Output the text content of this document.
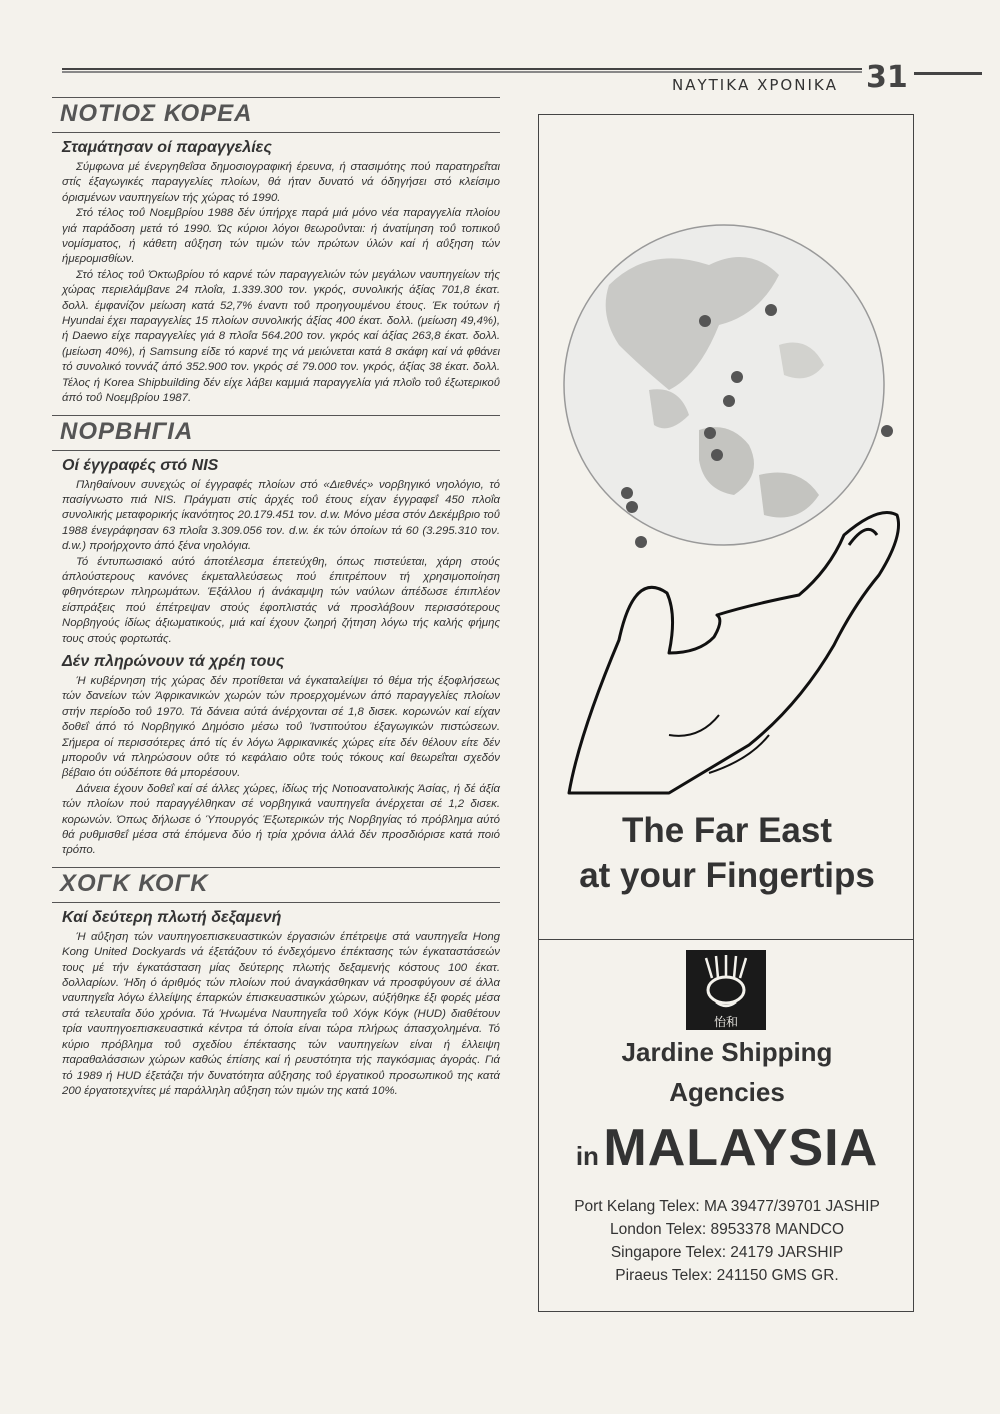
ΝΑΥΤΙΚΑ ΧΡΟΝΙΚΑ 31
ΝΟΤΙΟΣ ΚΟΡΕΑ
Σταμάτησαν οί παραγγελίες

Σύμφωνα μέ ένεργηθεΐσα δημοσιογραφική έρευνα, ή στασιμότης πού παρατηρεΐται στίς έξαγωγικές παραγγελίες πλοίων, θά ήταν δυνατό νά όδηγήσει στό κλείσιμο όρισμένων ναυπηγείων τής χώρας τό 1990.

Στό τέλος τοΰ Νοεμβρίου 1988 δέν ύπήρχε παρά μιά μόνο νέα παραγγελία πλοίου γιά παράδοση μετά τό 1990. Ώς κύριοι λόγοι θεωροΰνται: ή άνατίμηση τοΰ τοπικοΰ νομίσματος, ή κάθετη αΰξηση τών τιμών τών πρώτων ύλών καί ή αΰξηση τών ήμερομισθίων.

Στό τέλος τοΰ Όκτωβρίου τό καρνέ τών παραγγελιών τών μεγάλων ναυπηγείων τής χώρας περιελάμβανε 24 πλοΐα, 1.339.300 τον. γκρός, συνολικής άξίας 701,8 έκατ. δολλ. έμφανίζον μείωση κατά 52,7% έναντι τοΰ προηγουμένου έτους. Έκ τούτων ή Hyundai έχει παραγγελίες 15 πλοίων συνολικής άξίας 400 έκατ. δολλ. (μείωση 49,4%), ή Daewo είχε παραγγελίες γιά 8 πλοΐα 564.200 τον. γκρός καί άξίας 263,8 έκατ. δολλ. (μείωση 40%), ή Samsung είδε τό καρνέ της νά μειώνεται κατά 8 σκάφη καί νά φθάνει τό συνολικό τοννάζ άπό 352.900 τον. γκρός σέ 79.000 τον. γκρός, άξίας 38 έκατ. δολλ. Τέλος ή Korea Shipbuilding δέν είχε λάβει καμμιά παραγγελία γιά πλοΐο τοΰ έξωτερικοΰ άπό τοΰ Νοεμβρίου 1987.

ΝΟΡΒΗΓΙΑ
Οί έγγραφές στό NIS

Πληθαίνουν συνεχώς οί έγγραφές πλοίων στό «Διεθνές» νορβηγικό νηολόγιο, τό πασίγνωστο πιά NIS. Πράγματι στίς άρχές τοΰ έτους είχαν έγγραφεΐ 450 πλοΐα συνολικής μεταφορικής ίκανότητος 20.179.451 τον. d.w. Μόνο μέσα στόν Δεκέμβριο τοΰ 1988 ένεγράφησαν 63 πλοΐα 3.309.056 τον. d.w. έκ τών όποίων τά 60 (3.295.310 τον. d.w.) προήρχοντο άπό ξένα νηολόγια.

Τό έντυπωσιακό αύτό άποτέλεσμα έπετεύχθη, όπως πιστεύεται, χάρη στούς άπλούστερους κανόνες έκμεταλλεύσεως πού έπιτρέπουν τή χρησιμοποίηση φθηνότερων πληρωμάτων. Έξάλλου ή άνάκαμψη τών ναύλων άπέδωσε έπιπλέον είσπράξεις πού έπέτρεψαν στούς έφοπλιστάς νά προσλάβουν περισσότερους Νορβηγούς ίδίως άξιωματικούς, μιά καί έχουν ζωηρή ζήτηση λόγω τής καλής φήμης τους στούς φορτωτάς.

Δέν πληρώνουν τά χρέη τους

Ή κυβέρνηση τής χώρας δέν προτίθεται νά έγκαταλείψει τό θέμα τής έξοφλήσεως τών δανείων τών Άφρικανικών χωρών τών προερχομένων άπό παραγγελίες πλοίων στήν περίοδο τοΰ 1970. Τά δάνεια αύτά άνέρχονται σέ 1,8 δισεκ. κορωνών καί είχαν δοθεΐ άπό τό Νορβηγικό Δημόσιο μέσω τοΰ Ίνστιτούτου έξαγωγικών πιστώσεων. Σήμερα οί περισσότερες άπό τίς έν λόγω Άφρικανικές χώρες είτε δέν θέλουν είτε δέν μποροΰν νά πληρώσουν οΰτε τό κεφάλαιο οΰτε τούς τόκους καί θεωρεΐται σχεδόν βέβαιο ότι ούδέποτε θά μπορέσουν.

Δάνεια έχουν δοθεΐ καί σέ άλλες χώρες, ίδίως τής Νοτιοανατολικής Άσίας, ή δέ άξία τών πλοίων πού παραγγέλθηκαν σέ νορβηγικά ναυπηγεΐα άνέρχεται σέ 1,2 δισεκ. κορωνών. Όπως δήλωσε ό Ύπουργός Έξωτερικών τής Νορβηγίας τό πρόβλημα αύτό θά ρυθμισθεΐ μέσα στά έπόμενα δύο ή τρία χρόνια άλλά δέν προσδιόρισε κατά ποιό τρόπο.

ΧΟΓΚ ΚΟΓΚ
Καί δεύτερη πλωτή δεξαμενή

Ή αΰξηση τών ναυπηγοεπισκευαστικών έργασιών έπέτρεψε στά ναυπηγεΐα Hong Kong United Dockyards νά έξετάζουν τό ένδεχόμενο έπέκτασης τών έγκαταστάσεών τους μέ τήν έγκατάσταση μίας δεύτερης πλωτής δεξαμενής κόστους 100 έκατ. δολλαρίων. Ήδη ό άριθμός τών πλοίων πού άναγκάσθηκαν νά προσφύγουν σέ άλλα ναυπηγεΐα λόγω έλλείψης έπαρκών έπισκευαστικών χώρων, αύξήθηκε έξι φορές μέσα στά τελευταΐα δύο χρόνια. Τά Ήνωμένα Ναυπηγεΐα τοΰ Χόγκ Κόγκ (HUD) διαθέτουν τρία ναυπηγοεπισκευαστικά κέντρα τά όποία είναι τώρα πλήρως άπασχολημένα. Τό κύριο πρόβλημα τοΰ σχεδίου έπέκτασης τών ναυπηγείων είναι ή έλλειψη παραθαλάσσιων χώρων καθώς έπίσης καί ή ρευστότητα τής παγκόσμιας άγοράς. Γιά τό 1989 ή HUD έξετάζει τήν δυνατότητα αΰξησης τοΰ έργατικοΰ προσωπικοΰ της κατά 200 έργατοτεχνίτες μέ παράλληλη αΰξηση τών τιμών της κατά 10%.

The Far East
at your Fingertips
怡和
Jardine Shipping
Agencies
in MALAYSIA
Port Kelang Telex: MA 39477/39701 JASHIP
London Telex: 8953378 MANDCO
Singapore Telex: 24179 JARSHIP
Piraeus Telex: 241150 GMS GR.
